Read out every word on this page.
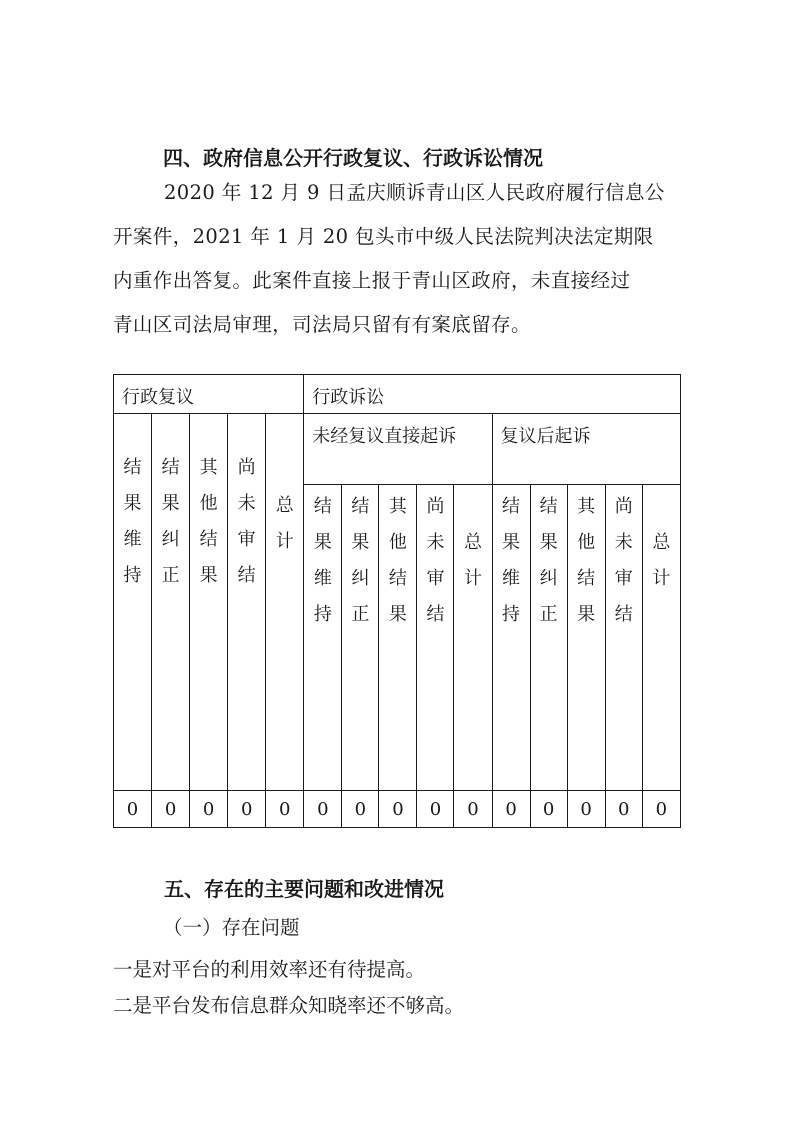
四、政府信息公开行政复议、行政诉讼情况

2020 年 12 月 9 日孟庆顺诉青山区人民政府履行信息公

开案件，2021 年 1 月 20 包头市中级人民法院判决法定期限

内重作出答复。此案件直接上报于青山区政府，未直接经过

青山区司法局审理，司法局只留有有案底留存。

行政复议					行政诉讼									
结果维持	结果纠正	其他结果	尚未审结	总计	未经复议直接起诉					复议后起诉				
					结果维持	结果纠正	其他结果	尚未审结	总计	结果维持	结果纠正	其他结果	尚未审结	总计
0	0	0	0	0	0	0	0	0	0	0	0	0	0	0
五、存在的主要问题和改进情况

（一）存在问题

一是对平台的利用效率还有待提高。

二是平台发布信息群众知晓率还不够高。
